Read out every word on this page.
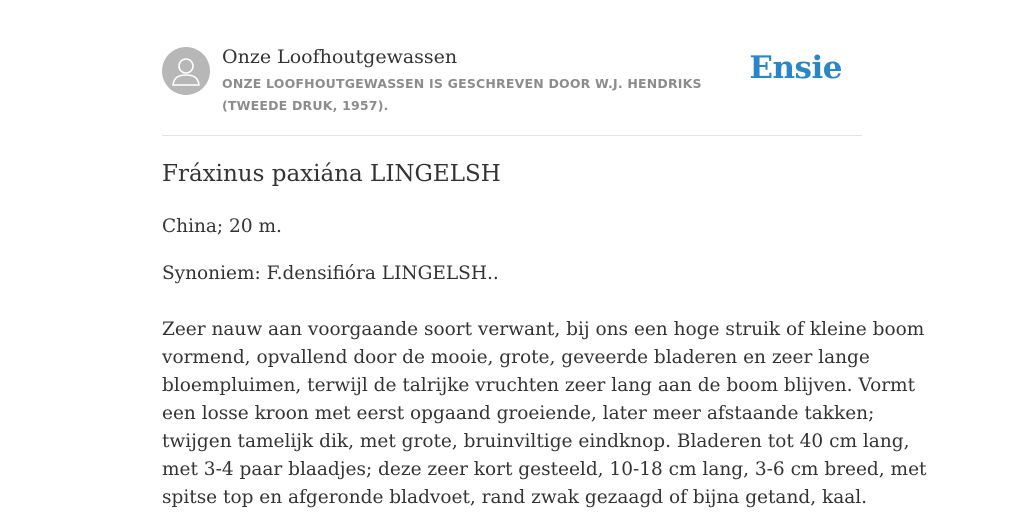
Onze Loofhoutgewassen
ONZE LOOFHOUTGEWASSEN IS GESCHREVEN DOOR W.J. HENDRIKS (TWEEDE DRUK, 1957).
Ensie
Fráxinus paxiána LINGELSH

China; 20 m.

Synoniem: F.densifióra LINGELSH..

Zeer nauw aan voorgaande soort verwant, bij ons een hoge struik of kleine boom
vormend, opvallend door de mooie, grote, geveerde bladeren en zeer lange
bloempluimen, terwijl de talrijke vruchten zeer lang aan de boom blijven. Vormt
een losse kroon met eerst opgaand groeiende, later meer afstaande takken;
twijgen tamelijk dik, met grote, bruinviltige eindknop. Bladeren tot 40 cm lang,
met 3-4 paar blaadjes; deze zeer kort gesteeld, 10-18 cm lang, 3-6 cm breed, met
spitse top en afgeronde bladvoet, rand zwak gezaagd of bijna getand, kaal.
